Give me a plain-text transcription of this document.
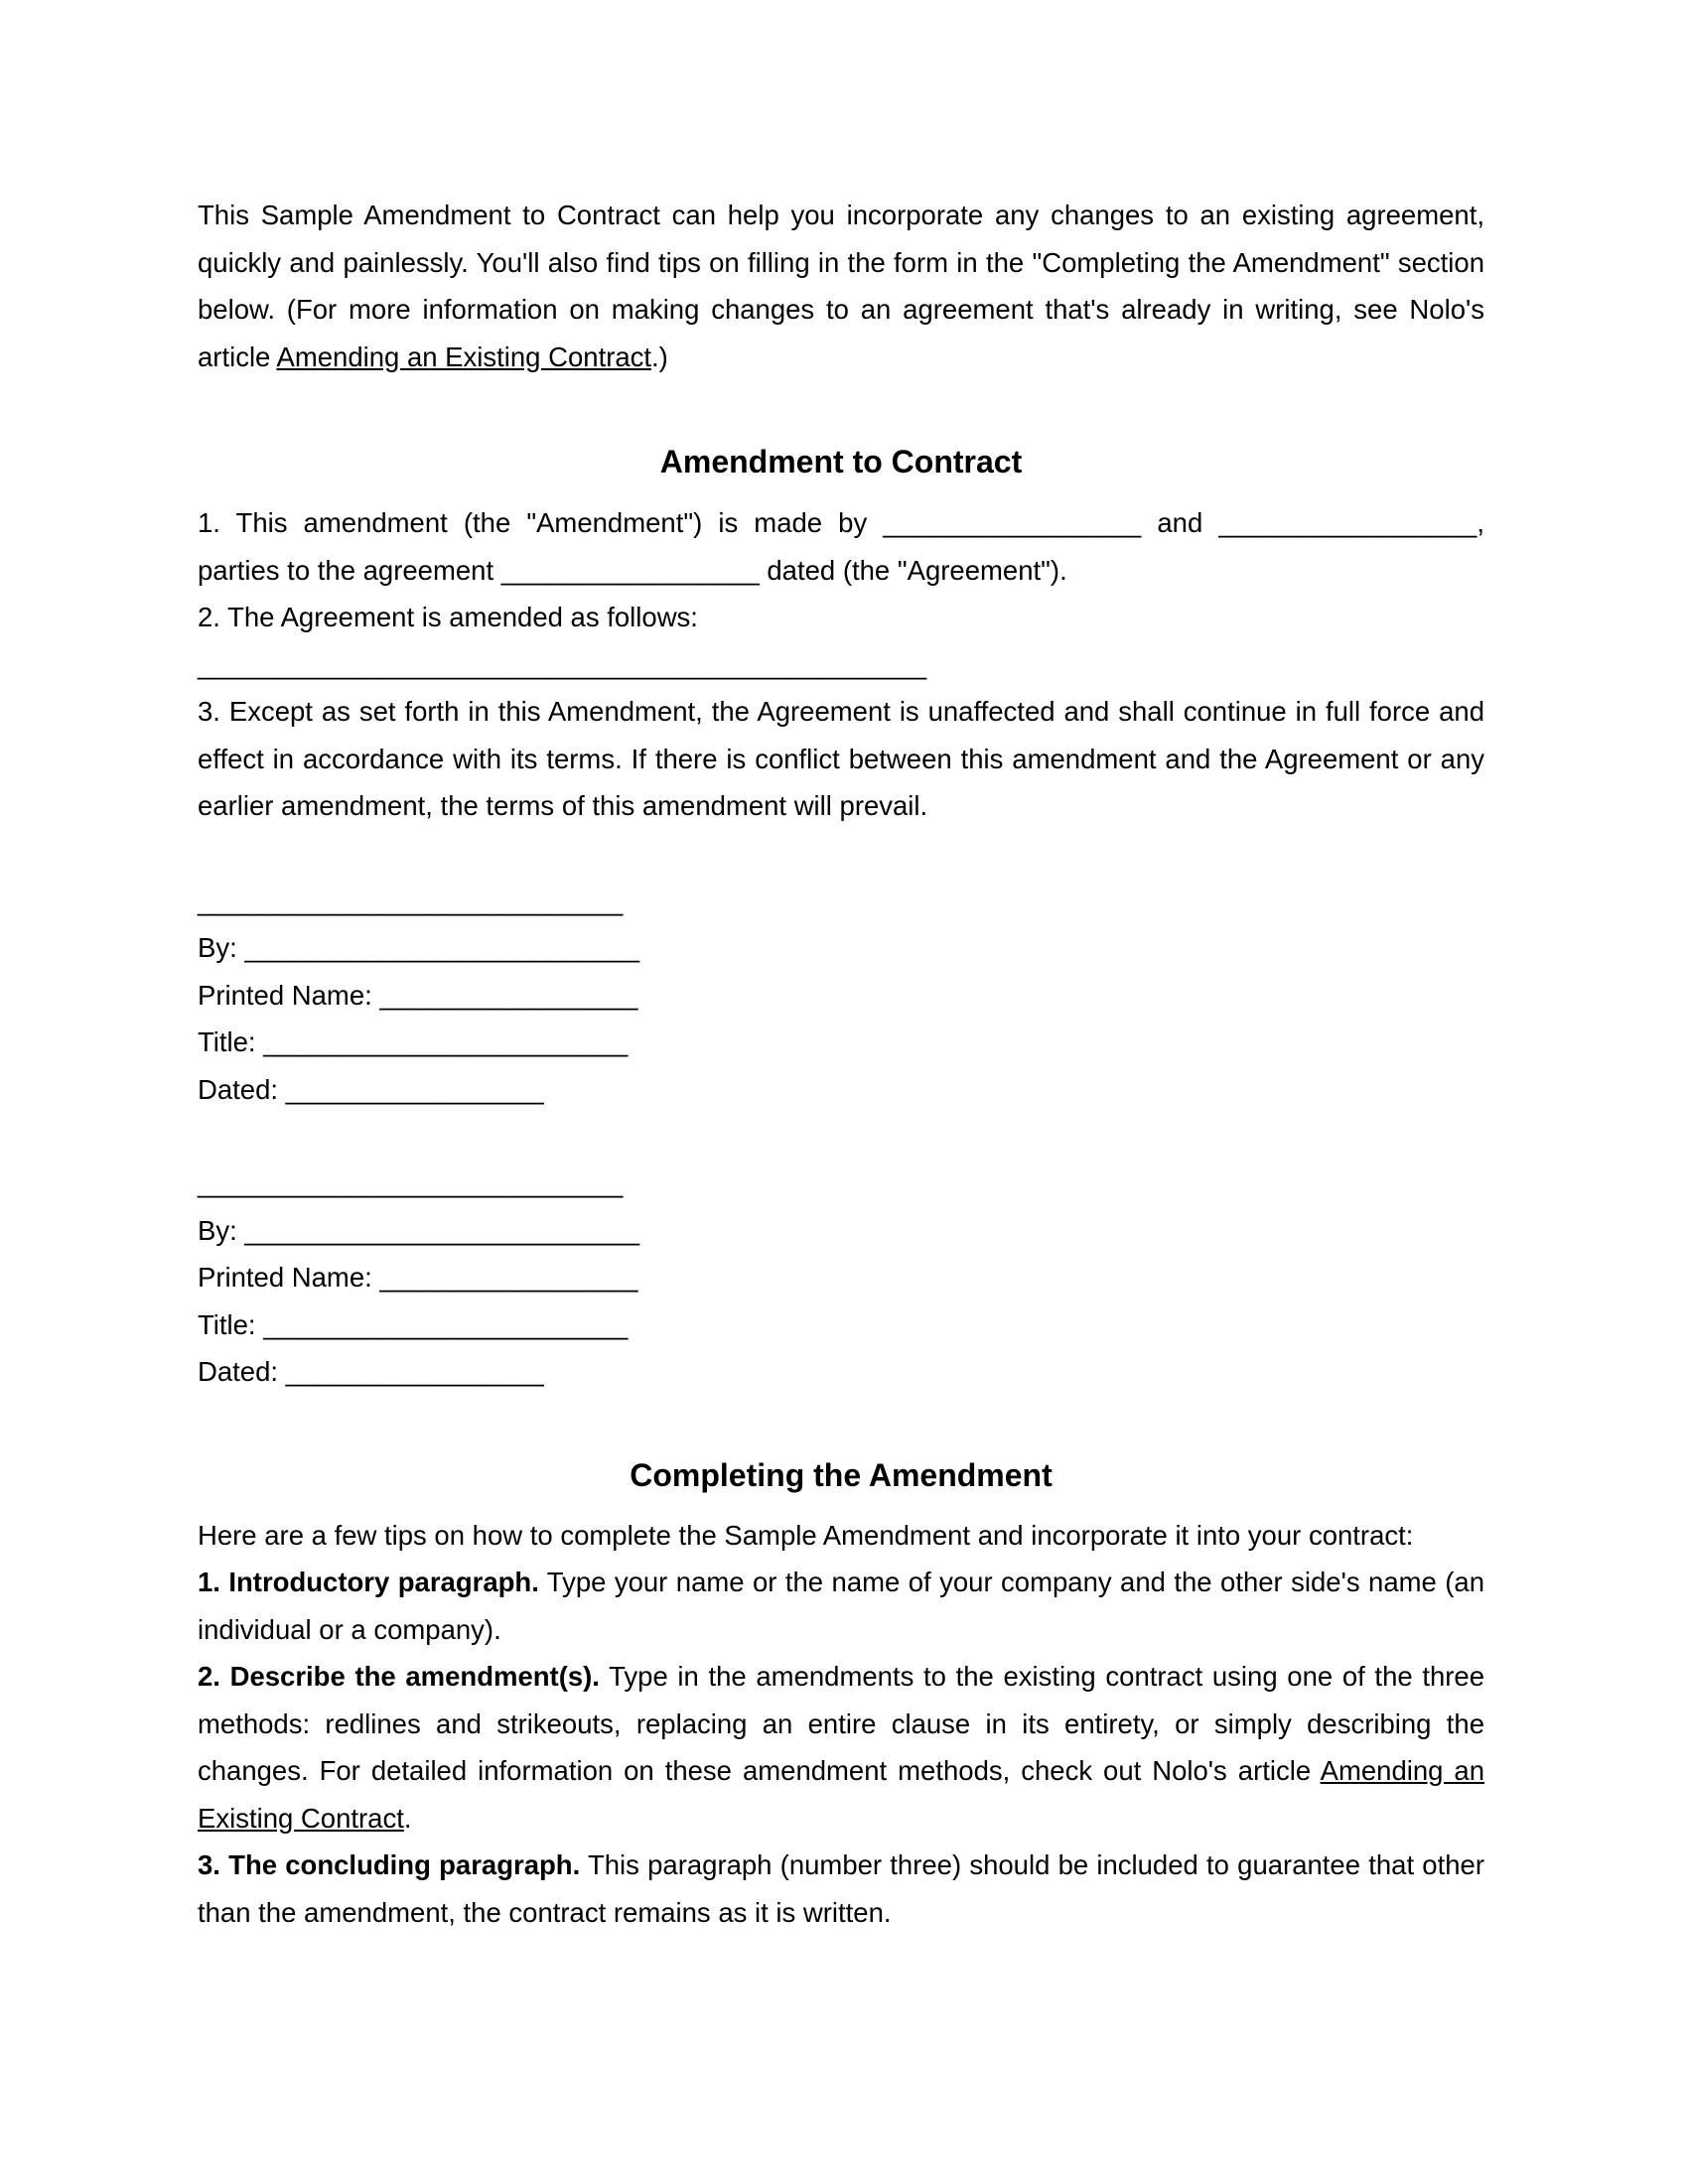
This Sample Amendment to Contract can help you incorporate any changes to an existing agreement, quickly and painlessly. You'll also find tips on filling in the form in the "Completing the Amendment" section below. (For more information on making changes to an agreement that's already in writing, see Nolo's article Amending an Existing Contract.)

Amendment to Contract

1. This amendment (the "Amendment") is made by _________________ and _________________,

parties to the agreement _________________ dated (the "Agreement").

2. The Agreement is amended as follows:

________________________________________________

3. Except as set forth in this Amendment, the Agreement is unaffected and shall continue in full force and effect in accordance with its terms. If there is conflict between this amendment and the Agreement or any earlier amendment, the terms of this amendment will prevail.

____________________________

By: __________________________

Printed Name: _________________

Title: ________________________

Dated: _________________

____________________________

By: __________________________

Printed Name: _________________

Title: ________________________

Dated: _________________

Completing the Amendment

Here are a few tips on how to complete the Sample Amendment and incorporate it into your contract:

1. Introductory paragraph. Type your name or the name of your company and the other side's name (an individual or a company).

2. Describe the amendment(s). Type in the amendments to the existing contract using one of the three methods: redlines and strikeouts, replacing an entire clause in its entirety, or simply describing the changes. For detailed information on these amendment methods, check out Nolo's article Amending an Existing Contract.

3. The concluding paragraph. This paragraph (number three) should be included to guarantee that other than the amendment, the contract remains as it is written.
